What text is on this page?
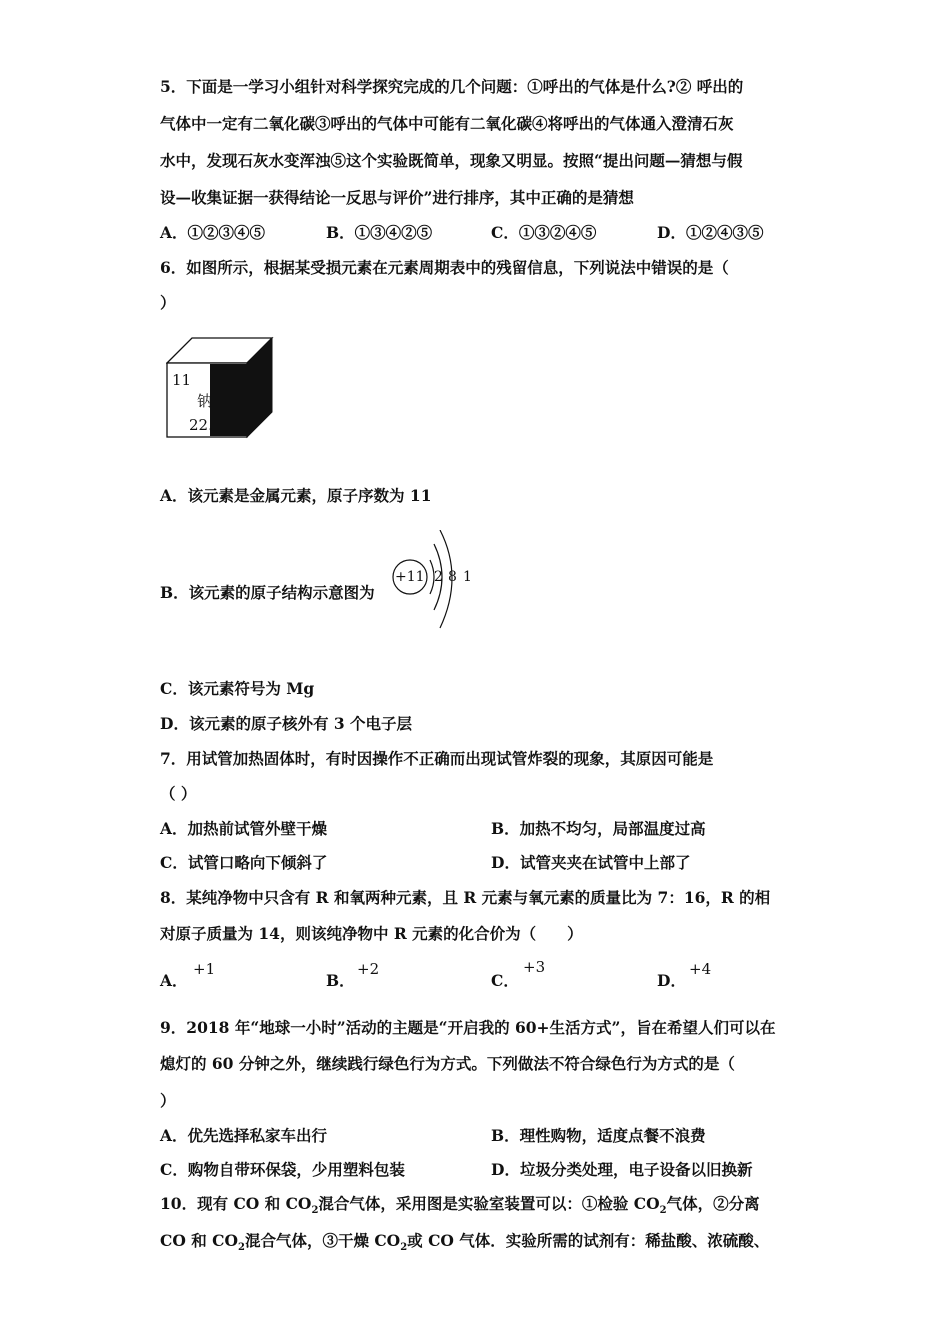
5．下面是一学习小组针对科学探究完成的几个问题：①呼出的气体是什么?② 呼出的
气体中一定有二氧化碳③呼出的气体中可能有二氧化碳④将呼出的气体通入澄清石灰
水中，发现石灰水变浑浊⑤这个实验既简单，现象又明显。按照“提出问题—猜想与假
设—收集证据一获得结论一反思与评价”进行排序，其中正确的是猜想
A．①②③④⑤	B．①③④②⑤	C．①③②④⑤	D．①②④③⑤
6．如图所示，根据某受损元素在元素周期表中的残留信息，下列说法中错误的是（
）
11
钠
22.
A．该元素是金属元素，原子序数为 11
B．该元素的原子结构示意图为
+11 2 8 1
C．该元素符号为 Mg
D．该元素的原子核外有 3 个电子层
7．用试管加热固体时，有时因操作不正确而出现试管炸裂的现象，其原因可能是
（ ）
A．加热前试管外壁干燥	B．加热不均匀，局部温度过高
C．试管口略向下倾斜了	D．试管夹夹在试管中上部了
8．某纯净物中只含有 R 和氧两种元素，且 R 元素与氧元素的质量比为 7：16，R 的相
对原子质量为 14，则该纯净物中 R 元素的化合价为（　　）
A．
+1
B．
+2
C．
+3
D．
+4
9．2018 年“地球一小时”活动的主题是“开启我的 60+生活方式”，旨在希望人们可以在
熄灯的 60 分钟之外，继续践行绿色行为方式。下列做法不符合绿色行为方式的是（
）
A．优先选择私家车出行	B．理性购物，适度点餐不浪费
C．购物自带环保袋，少用塑料包装	D．垃圾分类处理，电子设备以旧换新
10．现有 CO 和 $CO_2$混合气体，采用图是实验室装置可以：①检验 $CO_2$气体，②分离
CO 和 $CO_2$混合气体，③干燥 $CO_2$或 CO 气体．实验所需的试剂有：稀盐酸、浓硫酸、
